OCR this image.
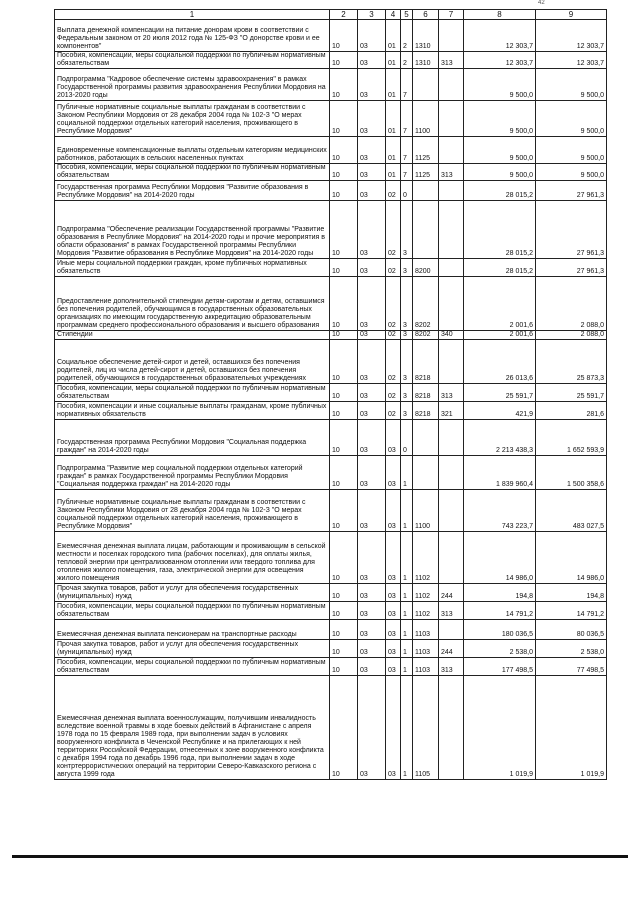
42
1	2	3	4	5	6	7	8	9
Выплата денежной компенсации на питание донорам крови в соответствии с Федеральным законом от 20 июля 2012 года № 125-ФЗ "О донорстве крови и ее компонентов"	10	03	01	2	1310		12 303,7	12 303,7
Пособия, компенсации, меры социальной поддержки по публичным нормативным обязательствам	10	03	01	2	1310	313	12 303,7	12 303,7
Подпрограмма "Кадровое обеспечение системы здравоохранения" в рамках Государственной программы развития здравоохранения Республики Мордовия на 2013-2020 годы	10	03	01	7			9 500,0	9 500,0
Публичные нормативные социальные выплаты гражданам в соответствии с Законом Республики Мордовия от 28 декабря 2004 года № 102-З "О мерах социальной поддержки отдельных категорий населения, проживающего в Республике Мордовия"	10	03	01	7	1100		9 500,0	9 500,0
Единовременные компенсационные выплаты отдельным категориям медицинских работников, работающих в сельских населенных пунктах	10	03	01	7	1125		9 500,0	9 500,0
Пособия, компенсации, меры социальной поддержки по публичным нормативным обязательствам	10	03	01	7	1125	313	9 500,0	9 500,0
Государственная программа Республики Мордовия "Развитие образования в Республике Мордовия" на 2014-2020 годы	10	03	02	0			28 015,2	27 961,3
Подпрограмма "Обеспечение реализации Государственной программы "Развитие образования в Республике Мордовия" на 2014-2020 годы и прочие мероприятия в области образования" в рамках Государственной программы Республики Мордовия "Развитие образования в Республике Мордовия" на 2014-2020 годы	10	03	02	3			28 015,2	27 961,3
Иные меры социальной поддержки граждан, кроме публичных нормативных обязательств	10	03	02	3	8200		28 015,2	27 961,3
Предоставление дополнительной стипендии детям-сиротам и детям, оставшимся без попечения родителей, обучающимся в государственных образовательных организациях по имеющим государственную аккредитацию образовательным программам среднего профессионального образования и высшего образования	10	03	02	3	8202		2 001,6	2 088,0
Стипендии	10	03	02	3	8202	340	2 001,6	2 088,0
Социальное обеспечение детей-сирот и детей, оставшихся без попечения родителей, лиц из числа детей-сирот и детей, оставшихся без попечения родителей, обучающихся в государственных образовательных учреждениях	10	03	02	3	8218		26 013,6	25 873,3
Пособия, компенсации, меры социальной поддержки по публичным нормативным обязательствам	10	03	02	3	8218	313	25 591,7	25 591,7
Пособия, компенсации и иные социальные выплаты гражданам, кроме публичных нормативных обязательств	10	03	02	3	8218	321	421,9	281,6
Государственная программа Республики Мордовия "Социальная поддержка граждан" на 2014-2020 годы	10	03	03	0			2 213 438,3	1 652 593,9
Подпрограмма "Развитие мер социальной поддержки отдельных категорий граждан" в рамках Государственной программы Республики Мордовия "Социальная поддержка граждан" на 2014-2020 годы	10	03	03	1			1 839 960,4	1 500 358,6
Публичные нормативные социальные выплаты гражданам в соответствии с Законом Республики Мордовия от 28 декабря 2004 года № 102-З "О мерах социальной поддержки отдельных категорий населения, проживающего в Республике Мордовия"	10	03	03	1	1100		743 223,7	483 027,5
Ежемесячная денежная выплата лицам, работающим и проживающим в сельской местности и поселках городского типа (рабочих поселках), для оплаты жилья, тепловой энергии при централизованном отоплении или твердого топлива для отопления жилого помещения, газа, электрической энергии для освещения жилого помещения	10	03	03	1	1102		14 986,0	14 986,0
Прочая закупка товаров, работ и услуг для обеспечения государственных (муниципальных) нужд	10	03	03	1	1102	244	194,8	194,8
Пособия, компенсации, меры социальной поддержки по публичным нормативным обязательствам	10	03	03	1	1102	313	14 791,2	14 791,2
Ежемесячная денежная выплата пенсионерам на транспортные расходы	10	03	03	1	1103		180 036,5	80 036,5
Прочая закупка товаров, работ и услуг для обеспечения государственных (муниципальных) нужд	10	03	03	1	1103	244	2 538,0	2 538,0
Пособия, компенсации, меры социальной поддержки по публичным нормативным обязательствам	10	03	03	1	1103	313	177 498,5	77 498,5
Ежемесячная денежная выплата военнослужащим, получившим инвалидность вследствие военной травмы в ходе боевых действий в Афганистане с апреля 1978 года по 15 февраля 1989 года, при выполнении задач в условиях вооруженного конфликта в Чеченской Республике и на прилегающих к ней территориях Российской Федерации, отнесенных к зоне вооруженного конфликта с декабря 1994 года по декабрь 1996 года, при выполнении задач в ходе контртеррористических операций на территории Северо-Кавказского региона с августа 1999 года	10	03	03	1	1105		1 019,9	1 019,9
